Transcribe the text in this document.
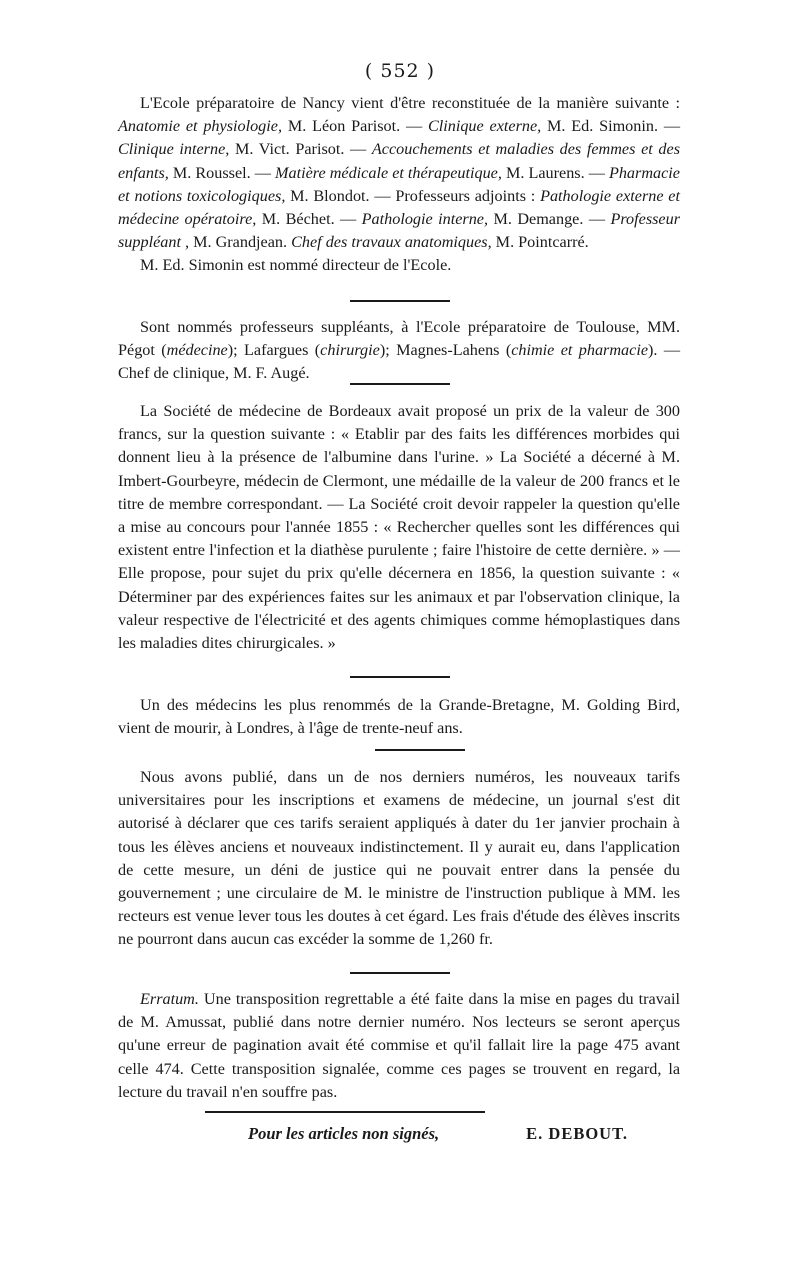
( 552 )

L'Ecole préparatoire de Nancy vient d'être reconstituée de la manière suivante : Anatomie et physiologie, M. Léon Parisot. — Clinique externe, M. Ed. Simonin. — Clinique interne, M. Vict. Parisot. — Accouchements et maladies des femmes et des enfants, M. Roussel. — Matière médicale et thérapeutique, M. Laurens. — Pharmacie et notions toxicologiques, M. Blondot. — Professeurs adjoints : Pathologie externe et médecine opératoire, M. Béchet. — Pathologie interne, M. Demange. — Professeur suppléant , M. Grandjean. Chef des travaux anatomiques, M. Pointcarré.

M. Ed. Simonin est nommé directeur de l'Ecole.

Sont nommés professeurs suppléants, à l'Ecole préparatoire de Toulouse, MM. Pégot (médecine); Lafargues (chirurgie); Magnes-Lahens (chimie et pharmacie). — Chef de clinique, M. F. Augé.

La Société de médecine de Bordeaux avait proposé un prix de la valeur de 300 francs, sur la question suivante : « Etablir par des faits les différences morbides qui donnent lieu à la présence de l'albumine dans l'urine. » La Société a décerné à M. Imbert-Gourbeyre, médecin de Clermont, une médaille de la valeur de 200 francs et le titre de membre correspondant. — La Société croit devoir rappeler la question qu'elle a mise au concours pour l'année 1855 : « Rechercher quelles sont les différences qui existent entre l'infection et la diathèse purulente ; faire l'histoire de cette dernière. » — Elle propose, pour sujet du prix qu'elle décernera en 1856, la question suivante : « Déterminer par des expériences faites sur les animaux et par l'observation clinique, la valeur respective de l'électricité et des agents chimiques comme hémoplastiques dans les maladies dites chirurgicales. »

Un des médecins les plus renommés de la Grande-Bretagne, M. Golding Bird, vient de mourir, à Londres, à l'âge de trente-neuf ans.

Nous avons publié, dans un de nos derniers numéros, les nouveaux tarifs universitaires pour les inscriptions et examens de médecine, un journal s'est dit autorisé à déclarer que ces tarifs seraient appliqués à dater du 1er janvier prochain à tous les élèves anciens et nouveaux indistinctement. Il y aurait eu, dans l'application de cette mesure, un déni de justice qui ne pouvait entrer dans la pensée du gouvernement ; une circulaire de M. le ministre de l'instruction publique à MM. les recteurs est venue lever tous les doutes à cet égard. Les frais d'étude des élèves inscrits ne pourront dans aucun cas excéder la somme de 1,260 fr.

Erratum. Une transposition regrettable a été faite dans la mise en pages du travail de M. Amussat, publié dans notre dernier numéro. Nos lecteurs se seront aperçus qu'une erreur de pagination avait été commise et qu'il fallait lire la page 475 avant celle 474. Cette transposition signalée, comme ces pages se trouvent en regard, la lecture du travail n'en souffre pas.

Pour les articles non signés,	E. DEBOUT.
